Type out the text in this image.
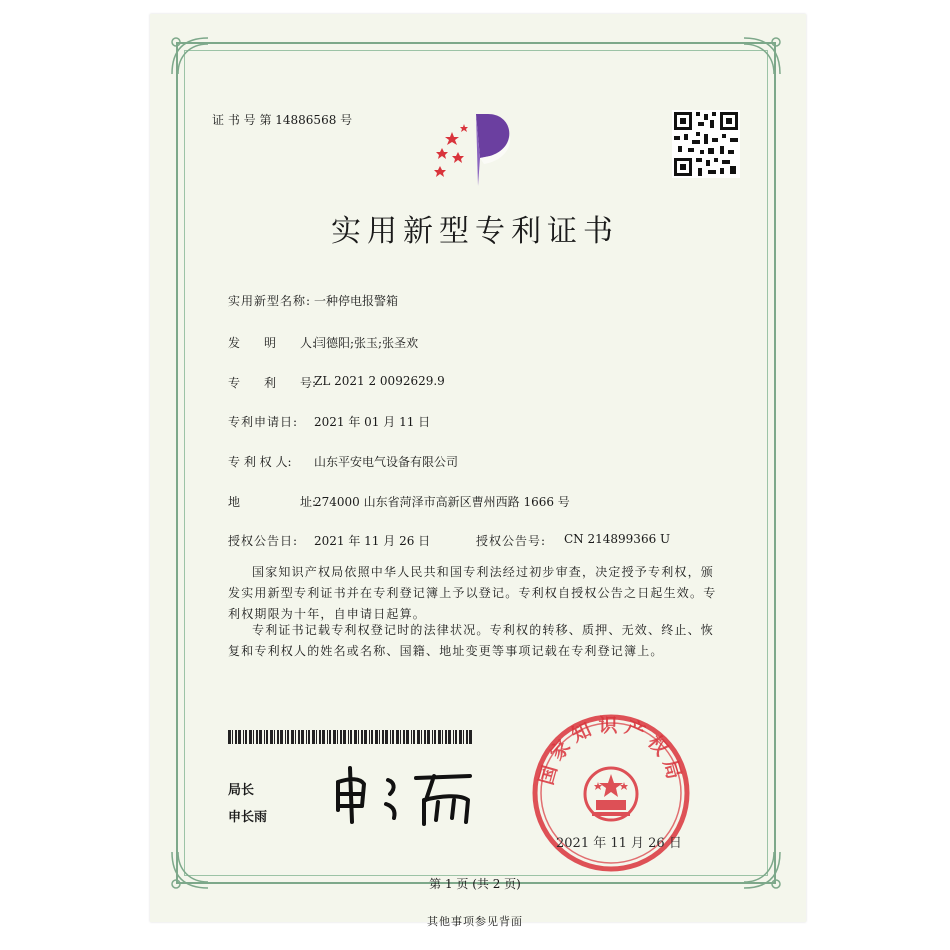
证 书 号 第 14886568 号
实用新型专利证书
实用新型名称: 一种停电报警箱
发　　明　　人:
闫德阳;张玉;张圣欢
专　　利　　号:
ZL 2021 2 0092629.9
专利申请日: 2021 年 01 月 11 日
专 利 权 人: 山东平安电气设备有限公司
地　　　　　址:
274000 山东省菏泽市高新区曹州西路 1666 号
授权公告日: 2021 年 11 月 26 日	授权公告号: CN 214899366 U
国家知识产权局依照中华人民共和国专利法经过初步审查，决定授予专利权，颁发实用新型专利证书并在专利登记簿上予以登记。专利权自授权公告之日起生效。专利权期限为十年，自申请日起算。
专利证书记载专利权登记时的法律状况。专利权的转移、质押、无效、终止、恢复和专利权人的姓名或名称、国籍、地址变更等事项记载在专利登记簿上。
局长
申长雨
国家知识产权局
2021 年 11 月 26 日
第 1 页 (共 2 页)
其他事项参见背面
